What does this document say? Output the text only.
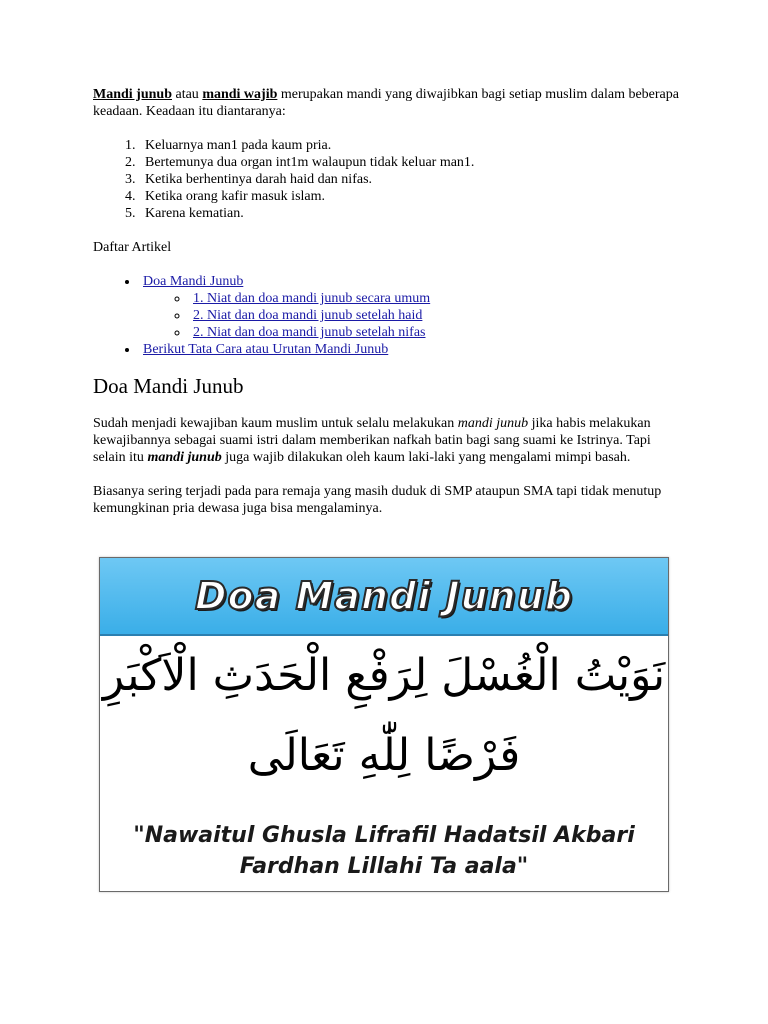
Mandi junub atau mandi wajib merupakan mandi yang diwajibkan bagi setiap muslim dalam beberapa keadaan. Keadaan itu diantaranya:

1. Keluarnya man1 pada kaum pria.
2. Bertemunya dua organ int1m walaupun tidak keluar man1.
3. Ketika berhentinya darah haid dan nifas.
4. Ketika orang kafir masuk islam.
5. Karena kematian.

Daftar Artikel

• Doa Mandi Junub
◦ 1. Niat dan doa mandi junub secara umum
◦ 2. Niat dan doa mandi junub setelah haid
◦ 2. Niat dan doa mandi junub setelah nifas
• Berikut Tata Cara atau Urutan Mandi Junub
Doa Mandi Junub

Sudah menjadi kewajiban kaum muslim untuk selalu melakukan mandi junub jika habis melakukan kewajibannya sebagai suami istri dalam memberikan nafkah batin bagi sang suami ke Istrinya. Tapi selain itu mandi junub juga wajib dilakukan oleh kaum laki-laki yang mengalami mimpi basah.

Biasanya sering terjadi pada para remaja yang masih duduk di SMP ataupun SMA tapi tidak menutup kemungkinan pria dewasa juga bisa mengalaminya.

Doa Mandi Junub
نَوَيْتُ الْغُسْلَ لِرَفْعِ الْحَدَثِ الْاَكْبَرِ
فَرْضًا لِلّٰهِ تَعَالَى
"Nawaitul Ghusla Lifrafil Hadatsil Akbari
Fardhan Lillahi Ta aala"
